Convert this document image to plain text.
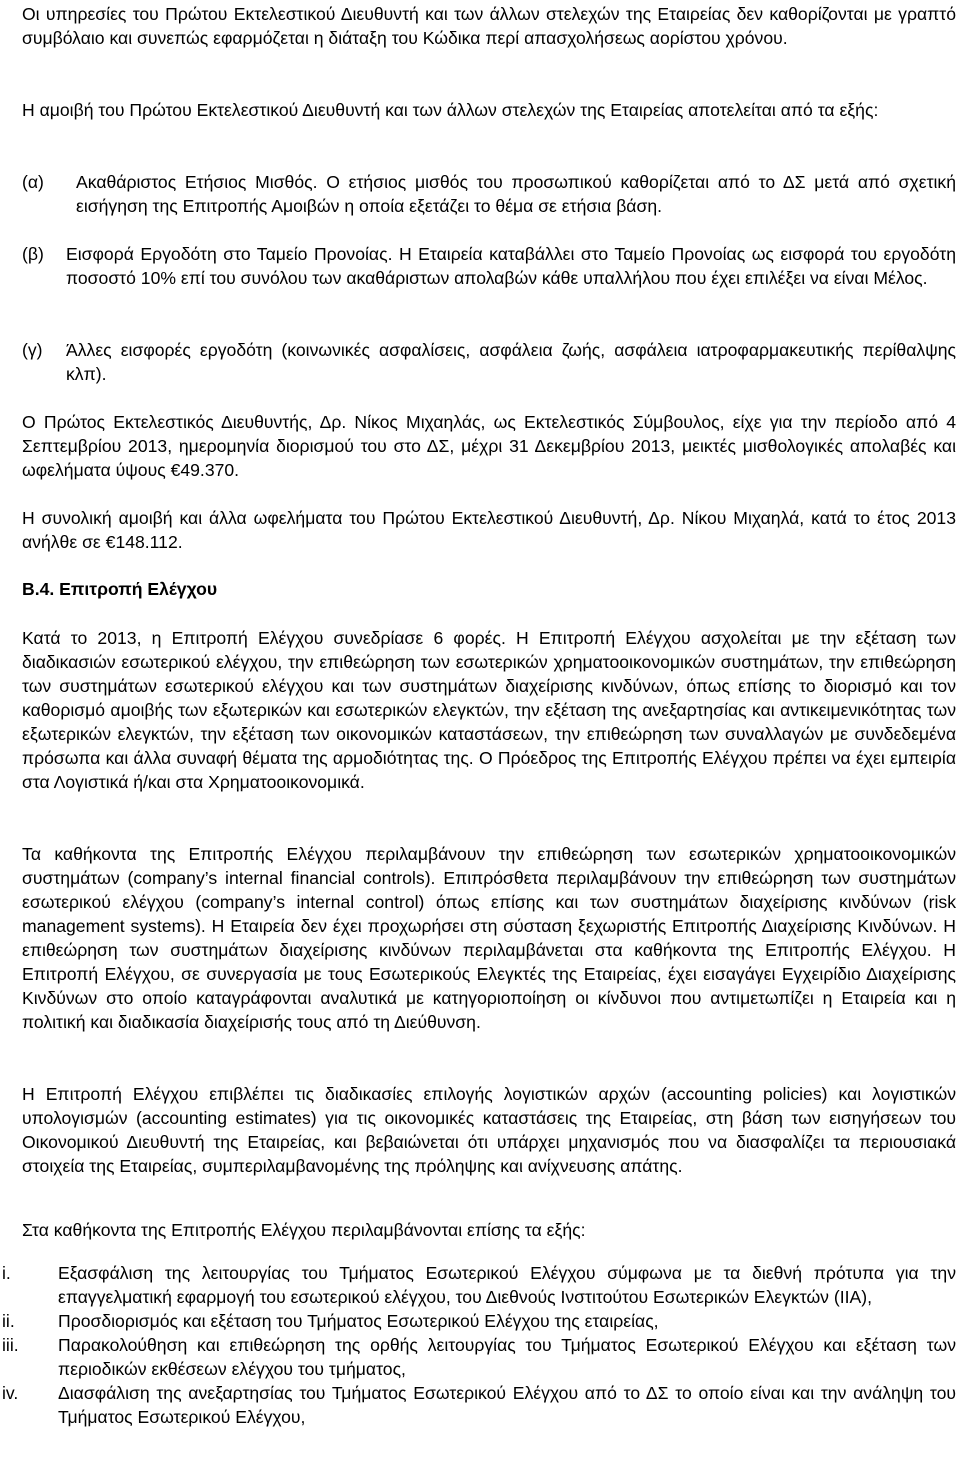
Οι υπηρεσίες του Πρώτου Εκτελεστικού Διευθυντή και των άλλων στελεχών της Εταιρείας δεν καθορίζονται με γραπτό συμβόλαιο και συνεπώς εφαρμόζεται η διάταξη του Κώδικα περί απασχολήσεως αορίστου χρόνου.

Η αμοιβή του Πρώτου Εκτελεστικού Διευθυντή και των άλλων στελεχών της Εταιρείας αποτελείται από τα εξής:

(α) Ακαθάριστος Ετήσιος Μισθός. Ο ετήσιος μισθός του προσωπικού καθορίζεται από το ΔΣ μετά από σχετική εισήγηση της Επιτροπής Αμοιβών η οποία εξετάζει το θέμα σε ετήσια βάση.
(β) Εισφορά Εργοδότη στο Ταμείο Προνοίας. Η Εταιρεία καταβάλλει στο Ταμείο Προνοίας ως εισφορά του εργοδότη ποσοστό 10% επί του συνόλου των ακαθάριστων απολαβών κάθε υπαλλήλου που έχει επιλέξει να είναι Μέλος.
(γ) Άλλες εισφορές εργοδότη (κοινωνικές ασφαλίσεις, ασφάλεια ζωής, ασφάλεια ιατροφαρμακευτικής περίθαλψης κλπ).

Ο Πρώτος Εκτελεστικός Διευθυντής, Δρ. Νίκος Μιχαηλάς, ως Εκτελεστικός Σύμβουλος, είχε για την περίοδο από 4 Σεπτεμβρίου 2013, ημερομηνία διορισμού του στο ΔΣ, μέχρι 31 Δεκεμβρίου 2013, μεικτές μισθολογικές απολαβές και ωφελήματα ύψους €49.370.

Η συνολική αμοιβή και άλλα ωφελήματα του Πρώτου Εκτελεστικού Διευθυντή, Δρ. Νίκου Μιχαηλά, κατά το έτος 2013 ανήλθε σε €148.112.

Β.4. Επιτροπή Ελέγχου

Κατά το 2013, η Επιτροπή Ελέγχου συνεδρίασε 6 φορές. Η Επιτροπή Ελέγχου ασχολείται με την εξέταση των διαδικασιών εσωτερικού ελέγχου, την επιθεώρηση των εσωτερικών χρηματοοικονομικών συστημάτων, την επιθεώρηση των συστημάτων εσωτερικού ελέγχου και των συστημάτων διαχείρισης κινδύνων, όπως επίσης το διορισμό και τον καθορισμό αμοιβής των εξωτερικών και εσωτερικών ελεγκτών, την εξέταση της ανεξαρτησίας και αντικειμενικότητας των εξωτερικών ελεγκτών, την εξέταση των οικονομικών καταστάσεων, την επιθεώρηση των συναλλαγών με συνδεδεμένα πρόσωπα και άλλα συναφή θέματα της αρμοδιότητας της. Ο Πρόεδρος της Επιτροπής Ελέγχου πρέπει να έχει εμπειρία στα Λογιστικά ή/και στα Χρηματοοικονομικά.

Τα καθήκοντα της Επιτροπής Ελέγχου περιλαμβάνουν την επιθεώρηση των εσωτερικών χρηματοοικονομικών συστημάτων (company’s internal financial controls). Επιπρόσθετα περιλαμβάνουν την επιθεώρηση των συστημάτων εσωτερικού ελέγχου (company’s internal control) όπως επίσης και των συστημάτων διαχείρισης κινδύνων (risk management systems). Η Εταιρεία δεν έχει προχωρήσει στη σύσταση ξεχωριστής Επιτροπής Διαχείρισης Κινδύνων. Η επιθεώρηση των συστημάτων διαχείρισης κινδύνων περιλαμβάνεται στα καθήκοντα της Επιτροπής Ελέγχου. Η Επιτροπή Ελέγχου, σε συνεργασία με τους Εσωτερικούς Ελεγκτές της Εταιρείας, έχει εισαγάγει Εγχειρίδιο Διαχείρισης Κινδύνων στο οποίο καταγράφονται αναλυτικά με κατηγοριοποίηση οι κίνδυνοι που αντιμετωπίζει η Εταιρεία και η πολιτική και διαδικασία διαχείρισής τους από τη Διεύθυνση.

Η Επιτροπή Ελέγχου επιβλέπει τις διαδικασίες επιλογής λογιστικών αρχών (accounting policies) και λογιστικών υπολογισμών (accounting estimates) για τις οικονομικές καταστάσεις της Εταιρείας, στη βάση των εισηγήσεων του Οικονομικού Διευθυντή της Εταιρείας, και βεβαιώνεται ότι υπάρχει μηχανισμός που να διασφαλίζει τα περιουσιακά στοιχεία της Εταιρείας, συμπεριλαμβανομένης της πρόληψης και ανίχνευσης απάτης.

Στα καθήκοντα της Επιτροπής Ελέγχου περιλαμβάνονται επίσης τα εξής:

i.	Εξασφάλιση της λειτουργίας του Τμήματος Εσωτερικού Ελέγχου σύμφωνα με τα διεθνή πρότυπα για την επαγγελματική εφαρμογή του εσωτερικού ελέγχου, του Διεθνούς Ινστιτούτου Εσωτερικών Ελεγκτών (ΙΙΑ),
ii. Προσδιορισμός και εξέταση του Τμήματος Εσωτερικού Ελέγχου της εταιρείας,
iii. Παρακολούθηση και επιθεώρηση της ορθής λειτουργίας του Τμήματος Εσωτερικού Ελέγχου και εξέταση των περιοδικών εκθέσεων ελέγχου του τμήματος,
iv. Διασφάλιση της ανεξαρτησίας του Τμήματος Εσωτερικού Ελέγχου από το ΔΣ το οποίο είναι και την ανάληψη του Τμήματος Εσωτερικού Ελέγχου,
